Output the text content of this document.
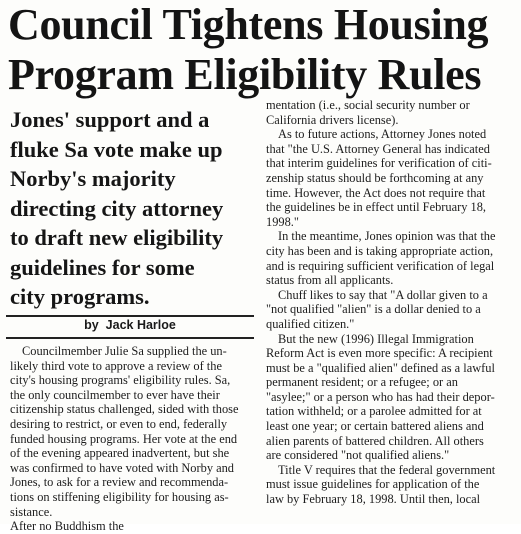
Council Tightens Housing
Program Eligibility Rules
Jones' support and a
fluke Sa vote make up
Norby's majority
directing city attorney
to draft new eligibility
guidelines for some
city programs.
by Jack Harloe
Councilmember Julie Sa supplied the un-
likely third vote to approve a review of the
city's housing programs' eligibility rules. Sa,
the only councilmember to ever have their
citizenship status challenged, sided with those
desiring to restrict, or even to end, federally
funded housing programs. Her vote at the end
of the evening appeared inadvertent, but she
was confirmed to have voted with Norby and
Jones, to ask for a review and recommenda-
tions on stiffening eligibility for housing as-
sistance.
After no Buddhism the
mentation (i.e., social security number or
California drivers license).
As to future actions, Attorney Jones noted
that "the U.S. Attorney General has indicated
that interim guidelines for verification of citi-
zenship status should be forthcoming at any
time. However, the Act does not require that
the guidelines be in effect until February 18,
1998."
In the meantime, Jones opinion was that the
city has been and is taking appropriate action,
and is requiring sufficient verification of legal
status from all applicants.
Chuff likes to say that "A dollar given to a
"not qualified "alien" is a dollar denied to a
qualified citizen."
But the new (1996) Illegal Immigration
Reform Act is even more specific: A recipient
must be a "qualified alien" defined as a lawful
permanent resident; or a refugee; or an
"asylee;" or a person who has had their depor-
tation withheld; or a parolee admitted for at
least one year; or certain battered aliens and
alien parents of battered children. All others
are considered "not qualified aliens."
Title V requires that the federal government
must issue guidelines for application of the
law by February 18, 1998. Until then, local
